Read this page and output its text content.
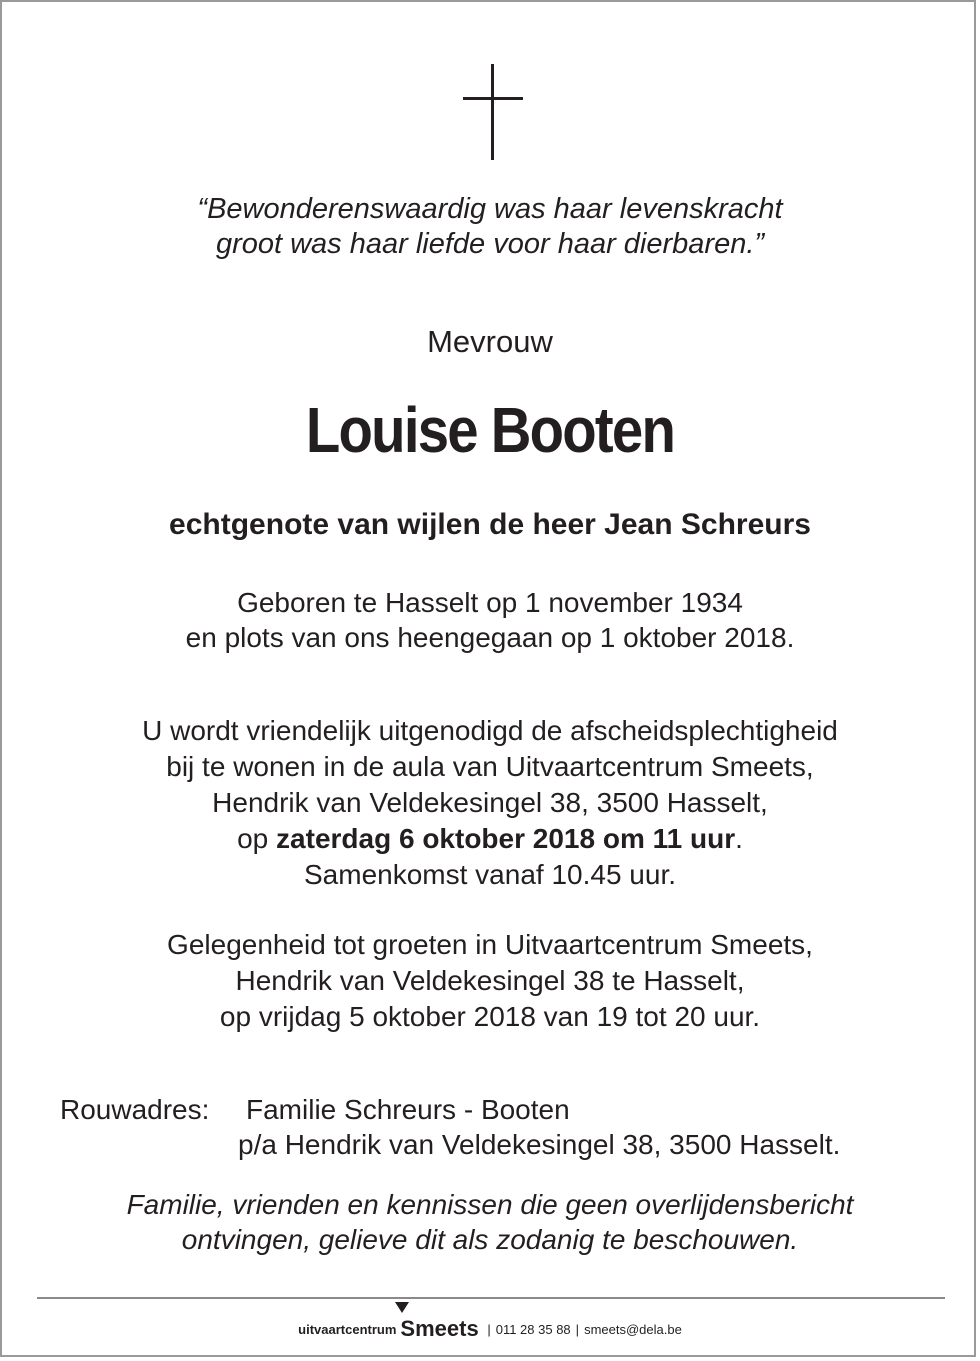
“Bewonderenswaardig was haar levenskracht
groot was haar liefde voor haar dierbaren.”
Mevrouw
Louise Booten
echtgenote van wijlen de heer Jean Schreurs
Geboren te Hasselt op 1 november 1934
en plots van ons heengegaan op 1 oktober 2018.
U wordt vriendelijk uitgenodigd de afscheidsplechtigheid
bij te wonen in de aula van Uitvaartcentrum Smeets,
Hendrik van Veldekesingel 38, 3500 Hasselt,
op zaterdag 6 oktober 2018 om 11 uur.
Samenkomst vanaf 10.45 uur.
Gelegenheid tot groeten in Uitvaartcentrum Smeets,
Hendrik van Veldekesingel 38 te Hasselt,
op vrijdag 5 oktober 2018 van 19 tot 20 uur.
Rouwadres: Familie Schreurs - Booten
p/a Hendrik van Veldekesingel 38, 3500 Hasselt.
Familie, vrienden en kennissen die geen overlijdensbericht
ontvingen, gelieve dit als zodanig te beschouwen.
uitvaartcentrum Smeets | 011 28 35 88 | smeets@dela.be
